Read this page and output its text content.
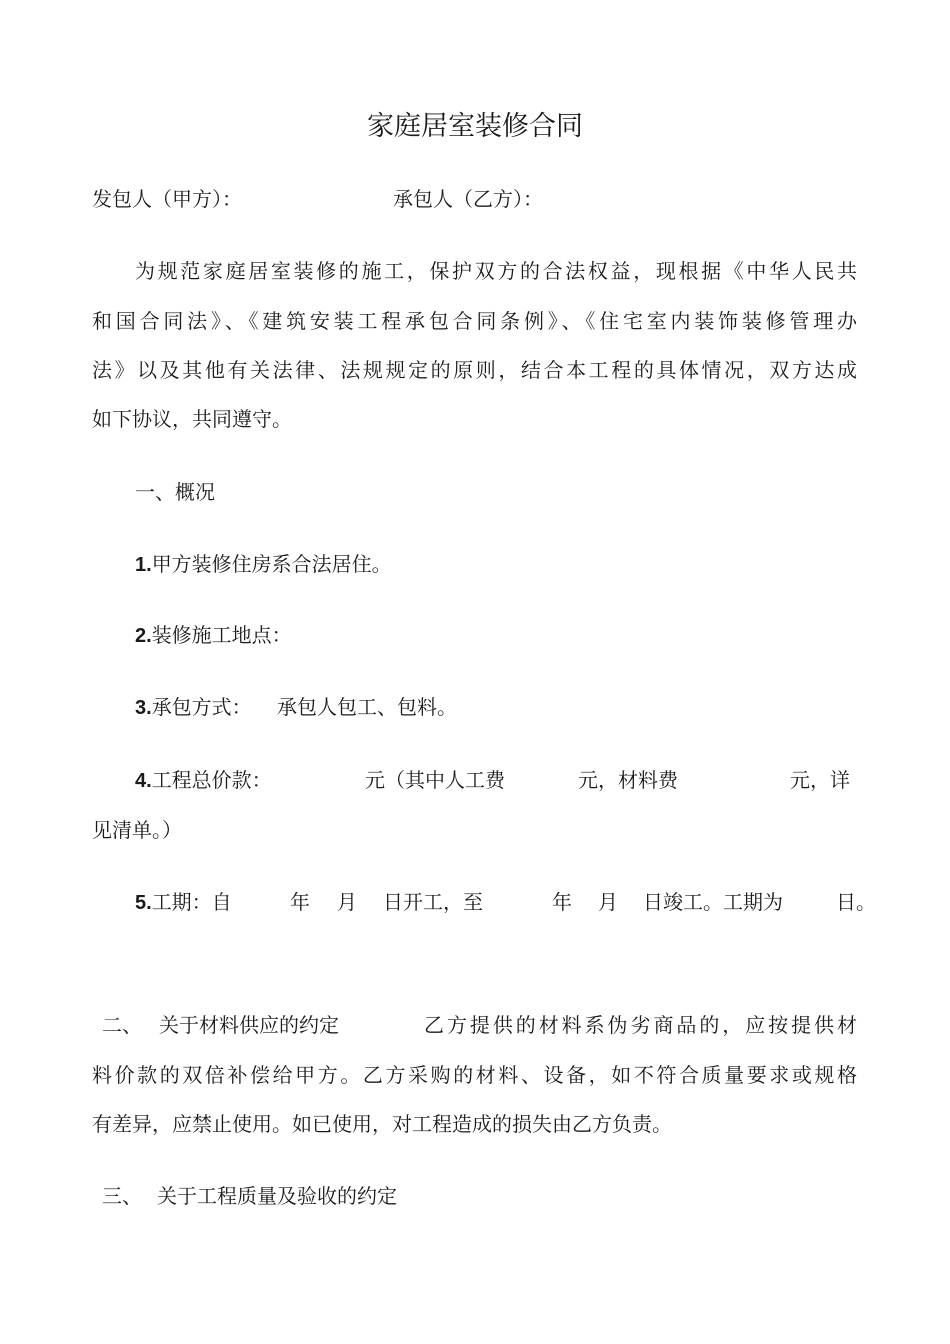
家庭居室装修合同
发包人（甲方）：	承包人（乙方）：
为规范家庭居室装修的施工，保护双方的合法权益，现根据《中华人民共
和国合同法》、《建筑安装工程承包合同条例》、《住宅室内装饰装修管理办
法》以及其他有关法律、法规规定的原则，结合本工程的具体情况，双方达成
如下协议，共同遵守。
一、概况
1.甲方装修住房系合法居住。
2.装修施工地点：
3.承包方式： 承包人包工、包料。
4.工程总价款：	元（其中人工费	元，材料费	元，详
见清单。）
5.工期：自	年 月 日开工，至	年 月 日竣工。工期为	日。
二、 关于材料供应的约定	乙方提供的材料系伪劣商品的，应按提供材
料价款的双倍补偿给甲方。乙方采购的材料、设备，如不符合质量要求或规格
有差异，应禁止使用。如已使用，对工程造成的损失由乙方负责。
三、 关于工程质量及验收的约定
